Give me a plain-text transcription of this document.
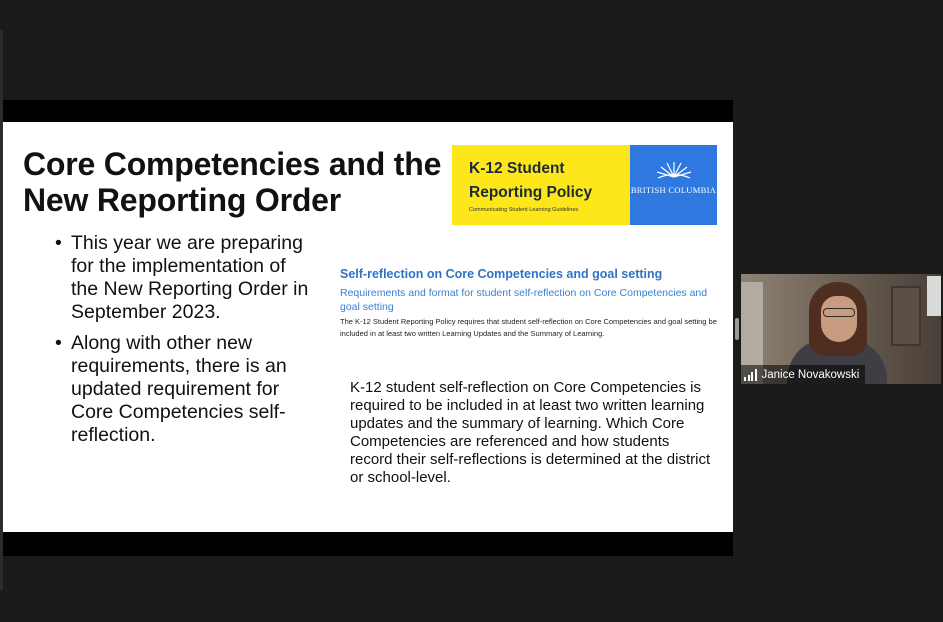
Core Competencies and the New Reporting Order
• This year we are preparing for the implementation of the New Reporting Order in September 2023.
• Along with other new requirements, there is an updated requirement for Core Competencies self-reflection.
K-12 Student Reporting Policy
Communicating Student Learning Guidelines
BRITISH COLUMBIA
Self-reflection on Core Competencies and goal setting
Requirements and format for student self-reflection on Core Competencies and goal setting
The K-12 Student Reporting Policy requires that student self-reflection on Core Competencies and goal setting be included in at least two written Learning Updates and the Summary of Learning.

K-12 student self-reflection on Core Competencies is required to be included in at least two written learning updates and the summary of learning. Which Core Competencies are referenced and how students record their self-reflections is determined at the district or school-level.

Janice Novakowski
